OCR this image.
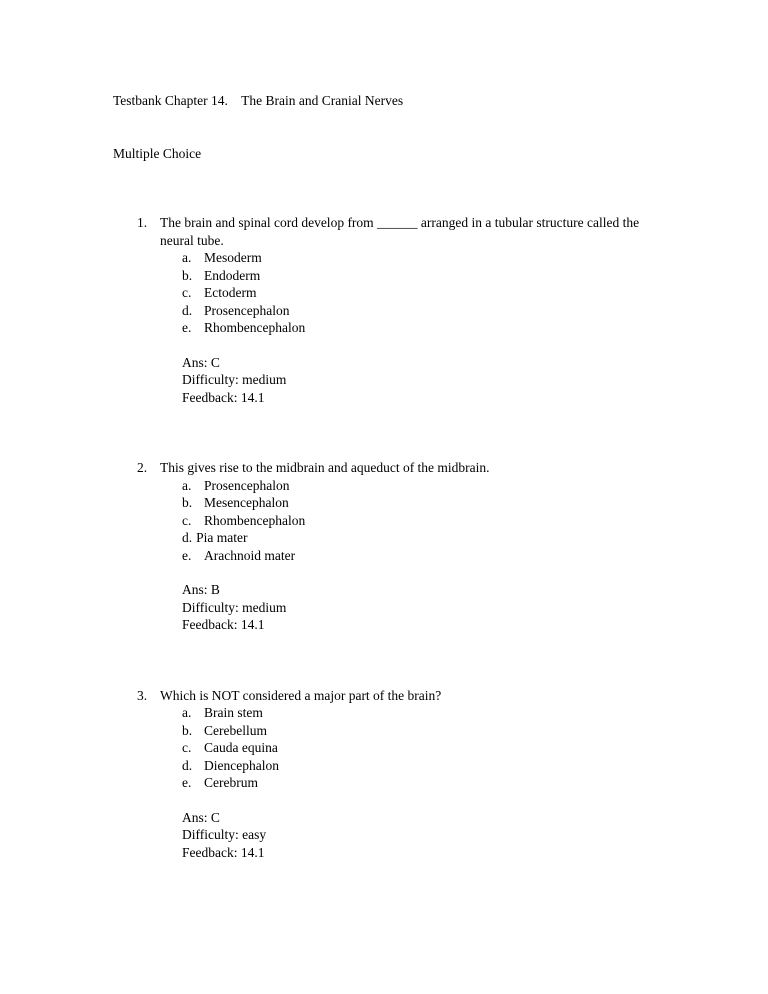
Testbank Chapter 14.    The Brain and Cranial Nerves
Multiple Choice
1. The brain and spinal cord develop from ______ arranged in a tubular structure called the neural tube.
a. Mesoderm
b. Endoderm
c. Ectoderm
d. Prosencephalon
e. Rhombencephalon
Ans: C
Difficulty: medium
Feedback: 14.1
2. This gives rise to the midbrain and aqueduct of the midbrain.
a. Prosencephalon
b. Mesencephalon
c. Rhombencephalon
d. Pia mater
e. Arachnoid mater
Ans: B
Difficulty: medium
Feedback: 14.1
3. Which is NOT considered a major part of the brain?
a. Brain stem
b. Cerebellum
c. Cauda equina
d. Diencephalon
e. Cerebrum
Ans: C
Difficulty: easy
Feedback: 14.1
